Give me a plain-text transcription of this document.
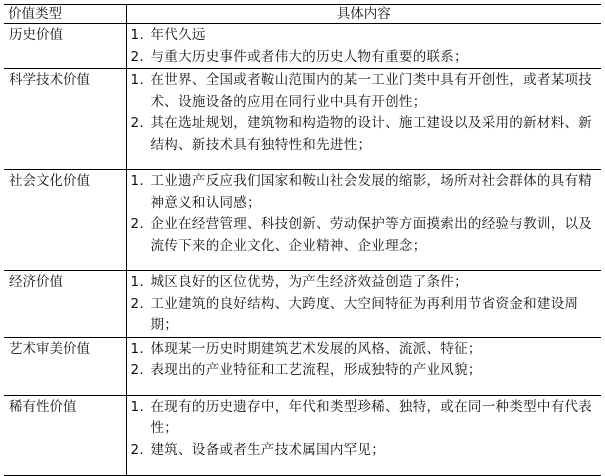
价值类型	具体内容
历史价值	1. 年代久远
2. 与重大历史事件或者伟大的历史人物有重要的联系；

科学技术价值	1. 在世界、全国或者鞍山范围内的某一工业门类中具有开创性，或者某项技术、设施设备的应用在同行业中具有开创性；
2. 其在选址规划，建筑物和构造物的设计、施工建设以及采用的新材料、新结构、新技术具有独特性和先进性；

社会文化价值	1. 工业遗产反应我们国家和鞍山社会发展的缩影，场所对社会群体的具有精神意义和认同感；
2. 企业在经营管理、科技创新、劳动保护等方面摸索出的经验与教训，以及流传下来的企业文化、企业精神、企业理念；

经济价值	1. 城区良好的区位优势，为产生经济效益创造了条件；
2. 工业建筑的良好结构、大跨度、大空间特征为再利用节省资金和建设周期；

艺术审美价值	1. 体现某一历史时期建筑艺术发展的风格、流派、特征；
2. 表现出的产业特征和工艺流程，形成独特的产业风貌；

稀有性价值	1. 在现有的历史遗存中，年代和类型珍稀、独特，或在同一种类型中有代表性；
2. 建筑、设备或者生产技术属国内罕见；
